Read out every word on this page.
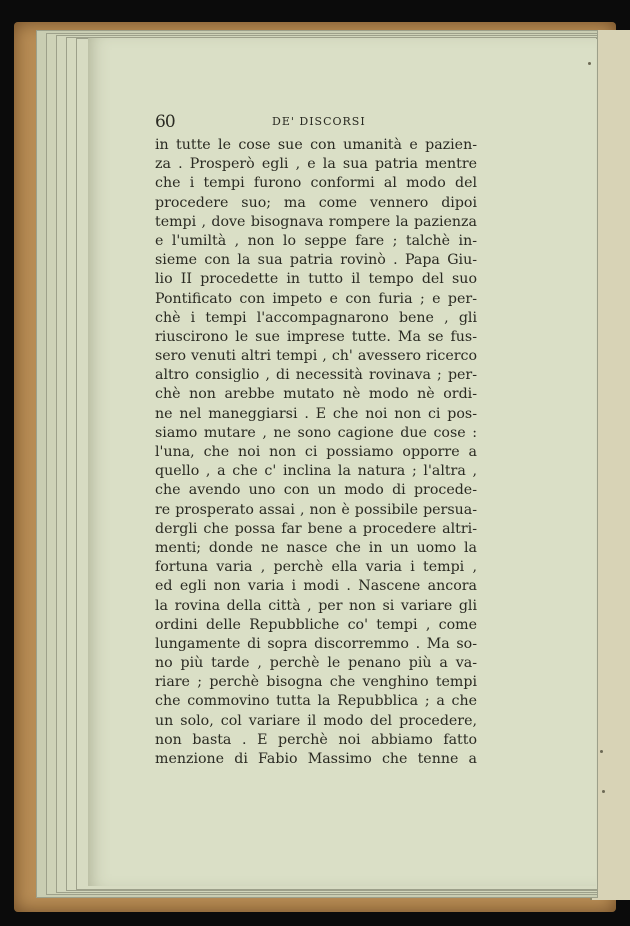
60	DE' DISCORSI
in tutte le cose sue con umanità e pazien-
za . Prosperò egli , e la sua patria mentre
che i tempi furono conformi al modo del
procedere suo; ma come vennero dipoi
tempi , dove bisognava rompere la pazienza
e l'umiltà , non lo seppe fare ; talchè in-
sieme con la sua patria rovinò . Papa Giu-
lio II procedette in tutto il tempo del suo
Pontificato con impeto e con furia ; e per-
chè i tempi l'accompagnarono bene , gli
riuscirono le sue imprese tutte. Ma se fus-
sero venuti altri tempi , ch' avessero ricerco
altro consiglio , di necessità rovinava ; per-
chè non arebbe mutato nè modo nè ordi-
ne nel maneggiarsi . E che noi non ci pos-
siamo mutare , ne sono cagione due cose :
l'una, che noi non ci possiamo opporre a
quello , a che c' inclina la natura ; l'altra ,
che avendo uno con un modo di procede-
re prosperato assai , non è possibile persua-
dergli che possa far bene a procedere altri-
menti; donde ne nasce che in un uomo la
fortuna varia , perchè ella varia i tempi ,
ed egli non varia i modi . Nascene ancora
la rovina della città , per non si variare gli
ordini delle Repubbliche co' tempi , come
lungamente di sopra discorremmo . Ma so-
no più tarde , perchè le penano più a va-
riare ; perchè bisogna che venghino tempi
che commovino tutta la Repubblica ; a che
un solo, col variare il modo del procedere,
non basta . E perchè noi abbiamo fatto
menzione di Fabio Massimo che tenne a
